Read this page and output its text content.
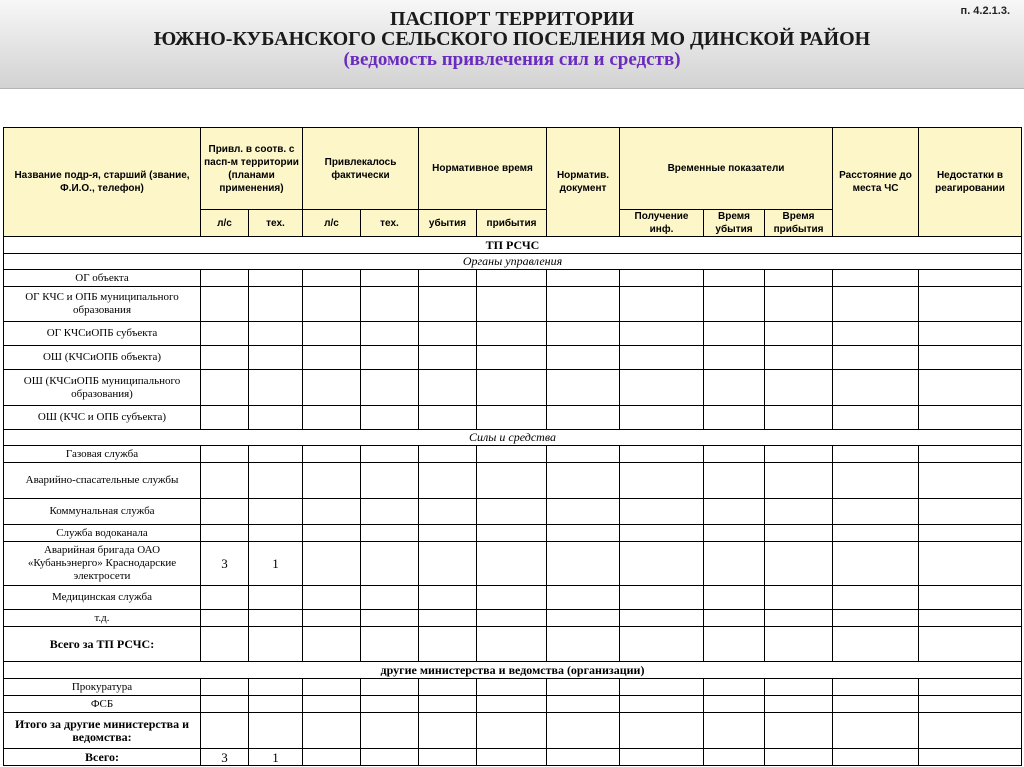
ПАСПОРТ ТЕРРИТОРИИ
ЮЖНО-КУБАНСКОГО СЕЛЬСКОГО ПОСЕЛЕНИЯ МО ДИНСКОЙ РАЙОН
(ведомость привлечения сил и средств)
п. 4.2.1.3.
Название подр-я, старший (звание, Ф.И.О., телефон)	Привл. в соотв. с пасп-м территории (планами применения)		Привлекалось фактически		Нормативное время		Норматив. документ	Временные показатели			Расстояние до места ЧС	Недостатки в реагировании
	л/с	тех.	л/с	тех.	убытия	прибытия		Получение инф.	Время убытия	Время прибытия		
ТП РСЧС												
Органы управления												
ОГ объекта												
ОГ КЧС и ОПБ муниципального образования												
ОГ КЧСиОПБ субъекта												
ОШ (КЧСиОПБ объекта)												
ОШ (КЧСиОПБ муниципального образования)												
ОШ (КЧС и ОПБ субъекта)												
Силы и средства												
Газовая служба												
Аварийно-спасательные службы												
Коммунальная служба												
Служба водоканала												
Аварийная бригада ОАО «Кубаньэнерго» Краснодарские электросети	3	1										
Медицинская служба												
т.д.												
Всего за ТП РСЧС:												
другие министерства и ведомства (организации)												
Прокуратура												
ФСБ												
Итого за другие министерства и ведомства:												
Всего:	3	1										
